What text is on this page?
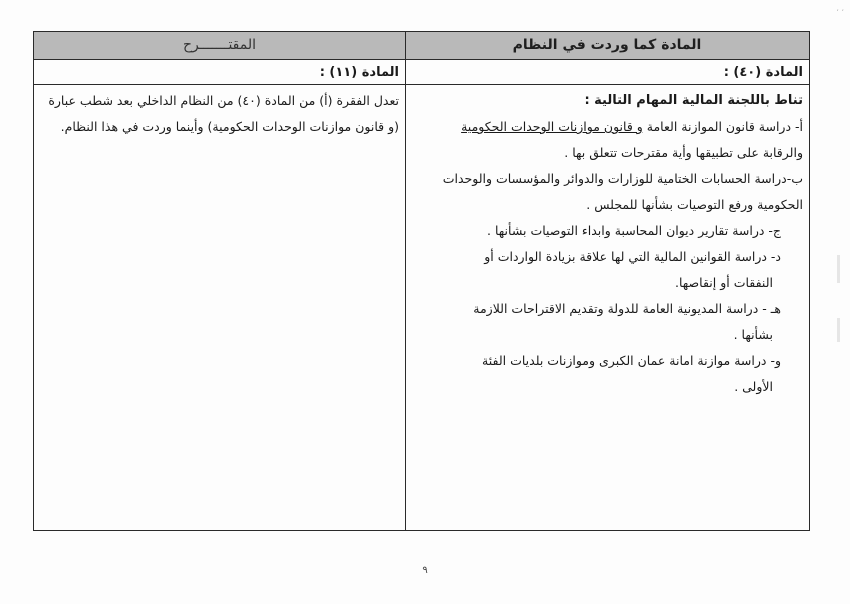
، ،
المادة كما وردت في النظام
المقتـــــــرح
المادة (٤٠) :
المادة (١١) :
تناط باللجنة المالية المهام التالية :
أ- دراسة قانون الموازنة العامة و قانون موازنات الوحدات الحكومية
والرقابة على تطبيقها وأية مقترحات تتعلق بها .
ب-دراسة الحسابات الختامية للوزارات والدوائر والمؤسسات والوحدات
الحكومية ورفع التوصيات بشأنها للمجلس .
ج- دراسة تقارير ديوان المحاسبة وابداء التوصيات بشأنها .
د- دراسة القوانين المالية التي لها علاقة بزيادة الواردات أو
النفقات أو إنقاصها.
هـ - دراسة المديونية العامة للدولة وتقديم الاقتراحات اللازمة
بشأنها .
و- دراسة موازنة امانة عمان الكبرى وموازنات بلديات الفئة
الأولى .
تعدل الفقرة (أ) من المادة (٤٠) من النظام الداخلي بعد شطب عبارة
(و قانون موازنات الوحدات الحكومية) وأينما وردت في هذا النظام.
٩
